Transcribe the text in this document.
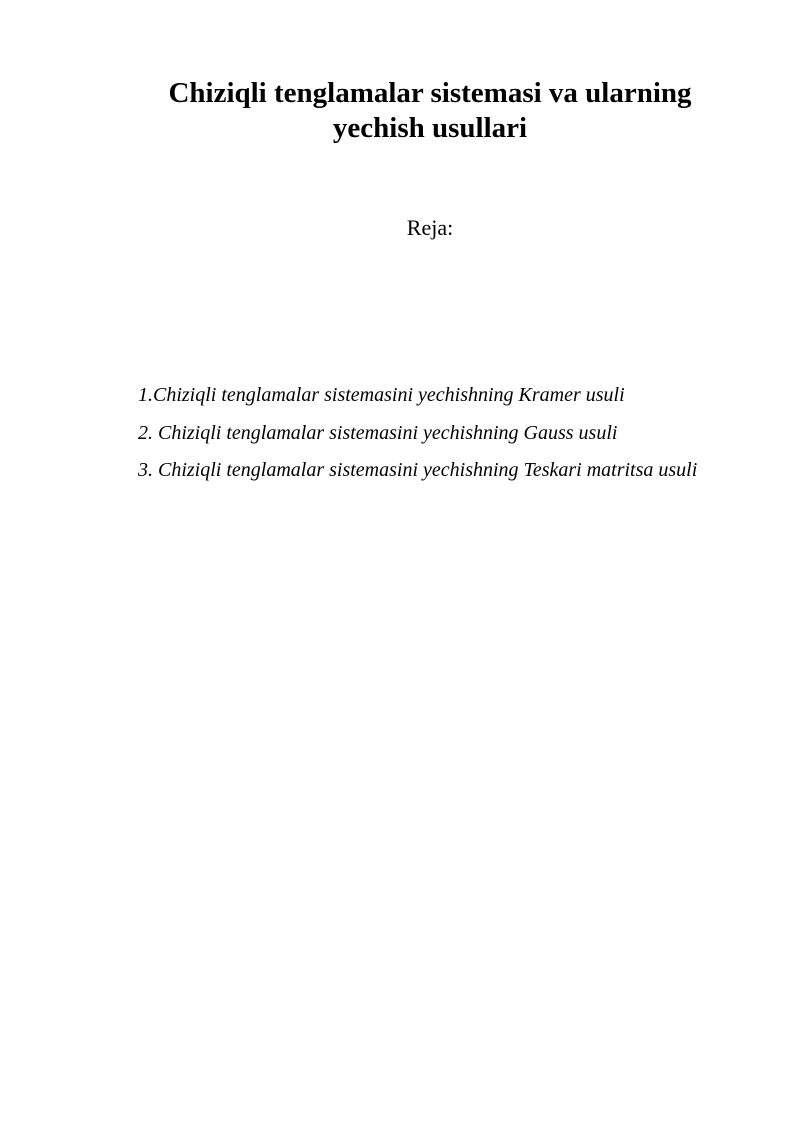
Chiziqli tenglamalar sistemasi va ularning
yechish usullari
Reja:
1.Chiziqli tenglamalar sistemasini yechishning Kramer usuli
2. Chiziqli tenglamalar sistemasini yechishning Gauss usuli
3. Chiziqli tenglamalar sistemasini yechishning Teskari matritsa usuli
